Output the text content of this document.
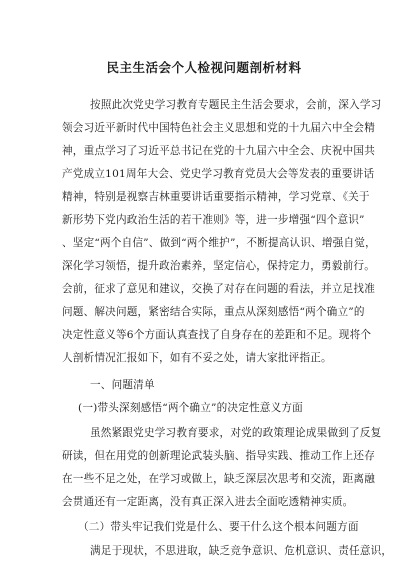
民主生活会个人检视问题剖析材料
按照此次党史学习教育专题民主生活会要求，会前，深入学习
领会习近平新时代中国特色社会主义思想和党的十九届六中全会精
神，重点学习了习近平总书记在党的十九届六中全会、庆祝中国共
产党成立101周年大会、党史学习教育党员大会等发表的重要讲话
精神，特别是视察吉林重要讲话重要指示精神，学习党章、《关于
新形势下党内政治生活的若干准则》等，进一步增强“四个意识”
、坚定“两个自信”、做到“两个维护”，不断提高认识、增强自觉，
深化学习领悟，提升政治素养，坚定信心，保持定力，勇毅前行。
会前，征求了意见和建议，交换了对存在问题的看法，并立足找准
问题、解决问题，紧密结合实际，重点从深刻感悟“两个确立”的
决定性意义等6个方面认真查找了自身存在的差距和不足。现将个
人剖析情况汇报如下，如有不妥之处，请大家批评指正。
一、问题清单
(一)带头深刻感悟“两个确立”的决定性意义方面
虽然紧跟党史学习教育要求，对党的政策理论成果做到了反复
研读，但在用党的创新理论武装头脑、指导实践、推动工作上还存
在一些不足之处，在学习或做上，缺乏深层次思考和交流，距离融
会贯通还有一定距离，没有真正深入进去全面吃透精神实质。
（二）带头牢记我们党是什么、要干什么这个根本问题方面
满足于现状，不思进取，缺乏竞争意识、危机意识、责任意识，
